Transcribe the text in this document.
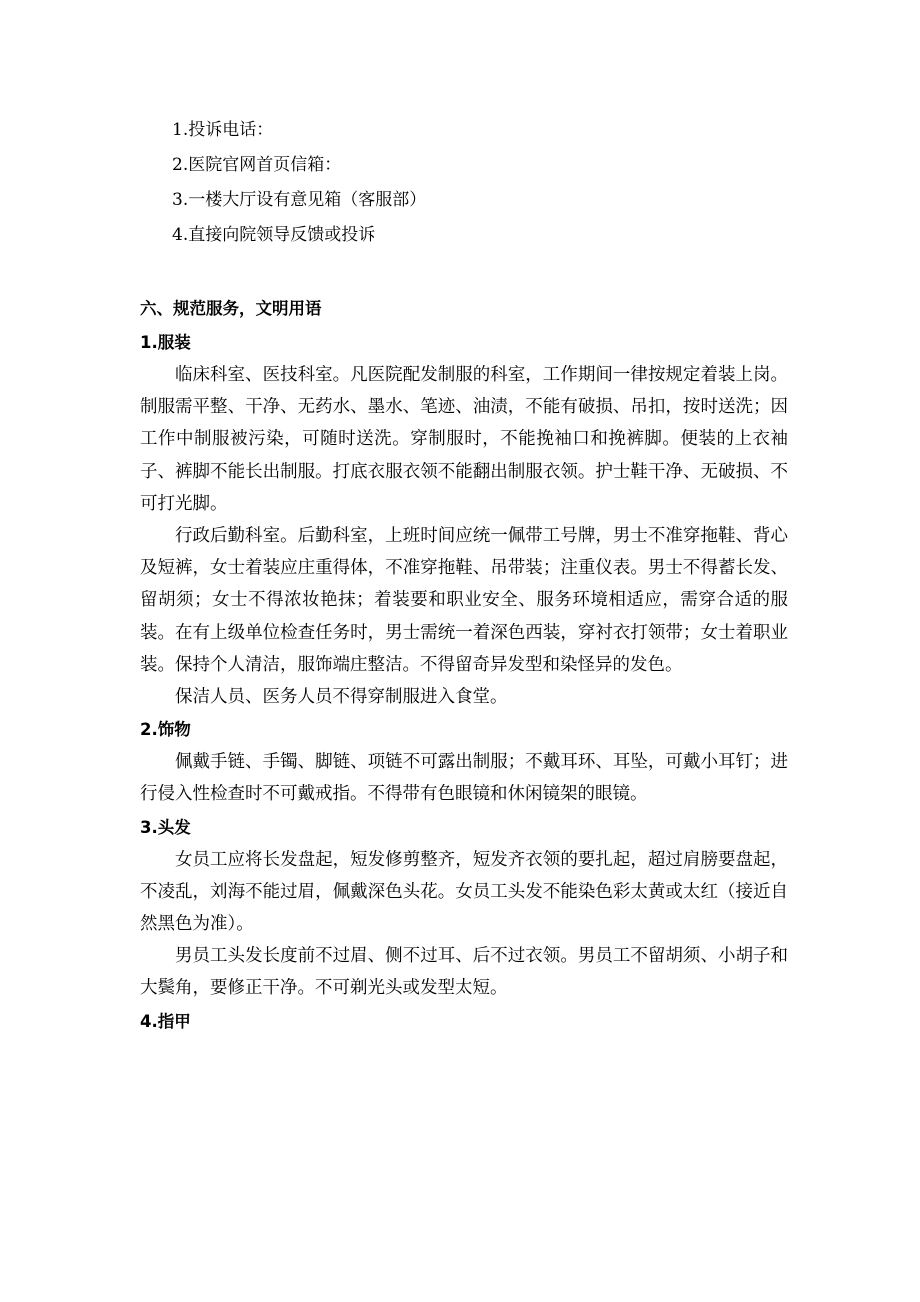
1.投诉电话：
2.医院官网首页信箱：
3.一楼大厅设有意见箱（客服部）
4.直接向院领导反馈或投诉
六、规范服务，文明用语
1.服装

临床科室、医技科室。凡医院配发制服的科室，工作期间一律按规定着装上岗。制服需平整、干净、无药水、墨水、笔迹、油渍，不能有破损、吊扣，按时送洗；因工作中制服被污染，可随时送洗。穿制服时，不能挽袖口和挽裤脚。便装的上衣袖子、裤脚不能长出制服。打底衣服衣领不能翻出制服衣领。护士鞋干净、无破损、不可打光脚。

行政后勤科室。后勤科室，上班时间应统一佩带工号牌，男士不准穿拖鞋、背心及短裤，女士着装应庄重得体，不准穿拖鞋、吊带装；注重仪表。男士不得蓄长发、留胡须；女士不得浓妆艳抹；着装要和职业安全、服务环境相适应，需穿合适的服装。在有上级单位检查任务时，男士需统一着深色西装，穿衬衣打领带；女士着职业装。保持个人清洁，服饰端庄整洁。不得留奇异发型和染怪异的发色。

保洁人员、医务人员不得穿制服进入食堂。

2.饰物

佩戴手链、手镯、脚链、项链不可露出制服；不戴耳环、耳坠，可戴小耳钉；进行侵入性检查时不可戴戒指。不得带有色眼镜和休闲镜架的眼镜。

3.头发

女员工应将长发盘起，短发修剪整齐，短发齐衣领的要扎起，超过肩膀要盘起，不凌乱，刘海不能过眉，佩戴深色头花。女员工头发不能染色彩太黄或太红（接近自然黑色为准）。

男员工头发长度前不过眉、侧不过耳、后不过衣领。男员工不留胡须、小胡子和大鬓角，要修正干净。不可剃光头或发型太短。

4.指甲
